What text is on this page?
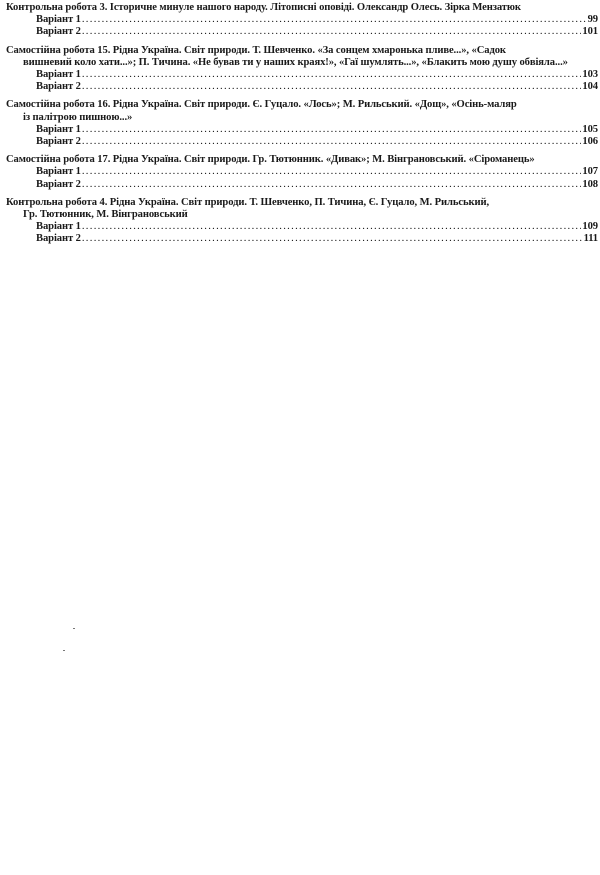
Контрольна робота 3. Історичне минуле нашого народу. Літописні оповіді. Олександр Олесь. Зірка Мензатюк
Варіант 1 .....	99
Варіант 2 .....	101
Самостійна робота 15. Рідна Україна. Світ природи. Т. Шевченко. «За сонцем хмаронька пливе...», «Садок
вишневий коло хати...»; П. Тичина. «Не бував ти у наших краях!», «Гаї шумлять...», «Блакить мою душу обвіяла...»
Варіант 1 .....	103
Варіант 2 .....	104
Самостійна робота 16. Рідна Україна. Світ природи. Є. Гуцало. «Лось»; М. Рильський. «Дощ», «Осінь-маляр
із палітрою пишною...»
Варіант 1 .....	105
Варіант 2 .....	106
Самостійна робота 17. Рідна Україна. Світ природи. Гр. Тютюнник. «Дивак»; М. Вінграновський. «Сіроманець»
Варіант 1 .....	107
Варіант 2 .....	108
Контрольна робота 4. Рідна Україна. Світ природи. Т. Шевченко, П. Тичина, Є. Гуцало, М. Рильський,
Гр. Тютюнник, М. Вінграновський
Варіант 1 .....	109
Варіант 2 .....	111
